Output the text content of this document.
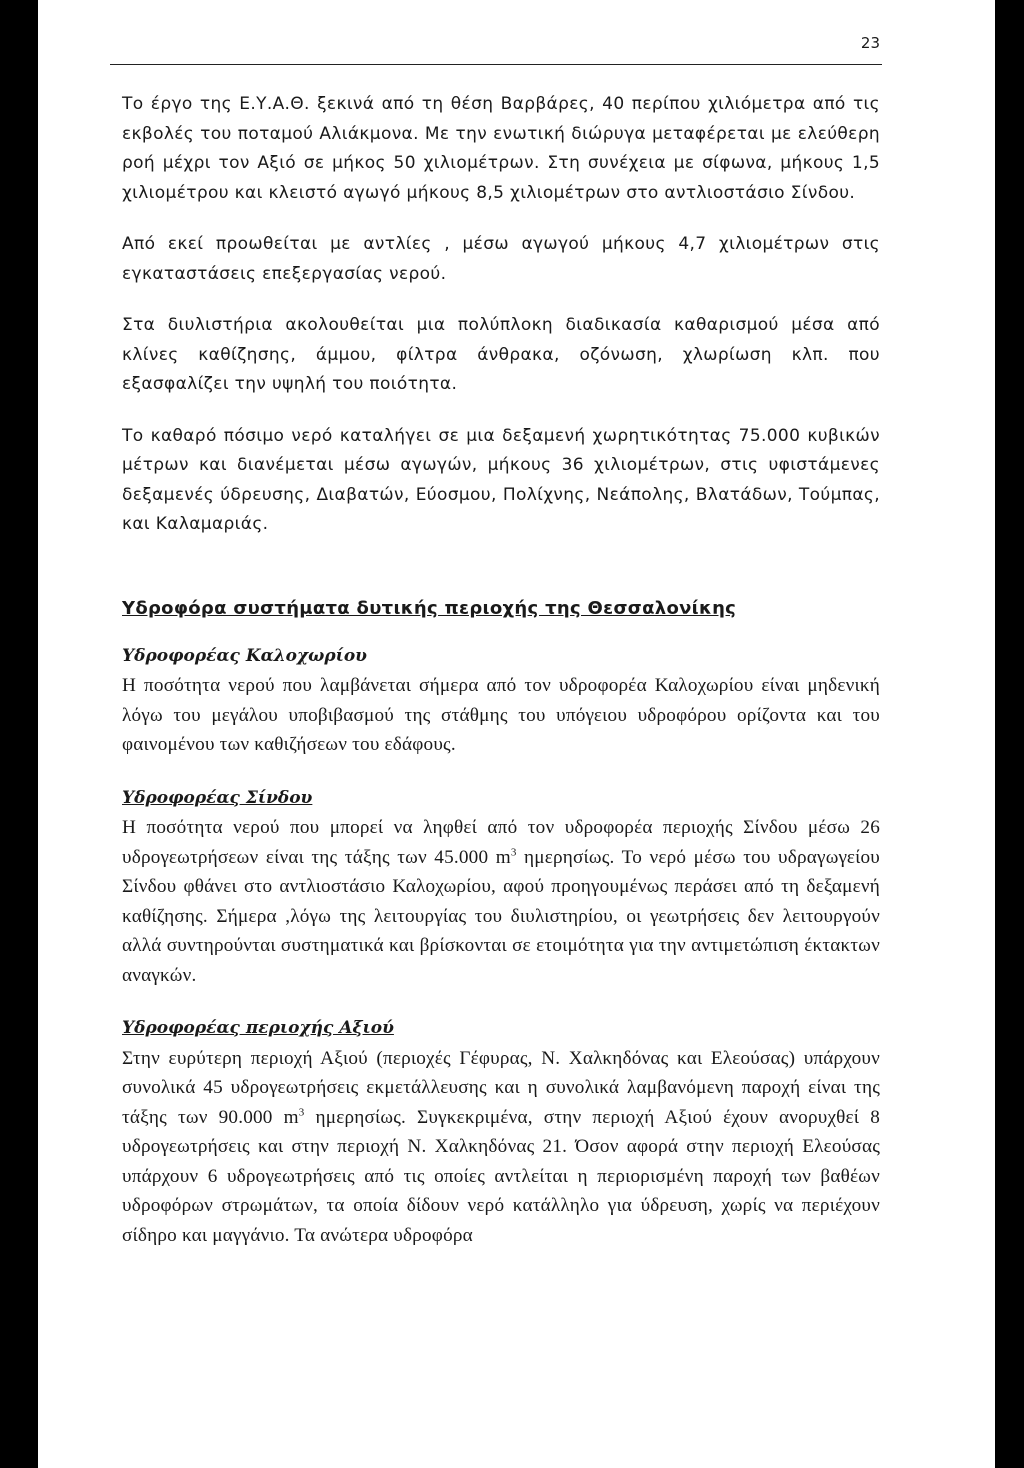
23

Το έργο της Ε.Υ.Α.Θ. ξεκινά από τη θέση Βαρβάρες, 40 περίπου χιλιόμετρα από τις εκβολές του ποταμού Αλιάκμονα. Με την ενωτική διώρυγα μεταφέρεται με ελεύθερη ροή μέχρι τον Αξιό σε μήκος 50 χιλιομέτρων. Στη συνέχεια με σίφωνα, μήκους 1,5 χιλιομέτρου και κλειστό αγωγό μήκους 8,5 χιλιομέτρων στο αντλιοστάσιο Σίνδου.

Από εκεί προωθείται με αντλίες , μέσω αγωγού μήκους 4,7 χιλιομέτρων στις εγκαταστάσεις επεξεργασίας νερού.

Στα διυλιστήρια ακολουθείται μια πολύπλοκη διαδικασία καθαρισμού μέσα από κλίνες καθίζησης, άμμου, φίλτρα άνθρακα, οζόνωση, χλωρίωση κλπ. που εξασφαλίζει την υψηλή του ποιότητα.

Το καθαρό πόσιμο νερό καταλήγει σε μια δεξαμενή χωρητικότητας 75.000 κυβικών μέτρων και διανέμεται μέσω αγωγών, μήκους 36 χιλιομέτρων, στις υφιστάμενες δεξαμενές ύδρευσης, Διαβατών, Εύοσμου, Πολίχνης, Νεάπολης, Βλατάδων, Τούμπας, και Καλαμαριάς.

Υδροφόρα συστήματα δυτικής περιοχής της Θεσσαλονίκης
Υδροφορέας Καλοχωρίου

Η ποσότητα νερού που λαμβάνεται σήμερα από τον υδροφορέα Καλοχωρίου είναι μηδενική λόγω του μεγάλου υποβιβασμού της στάθμης του υπόγειου υδροφόρου ορίζοντα και του φαινομένου των καθιζήσεων του εδάφους.

Υδροφορέας Σίνδου

Η ποσότητα νερού που μπορεί να ληφθεί από τον υδροφορέα περιοχής Σίνδου μέσω 26 υδρογεωτρήσεων είναι της τάξης των 45.000 $m^3$ ημερησίως. Το νερό μέσω του υδραγωγείου Σίνδου φθάνει στο αντλιοστάσιο Καλοχωρίου, αφού προηγουμένως περάσει από τη δεξαμενή καθίζησης. Σήμερα ,λόγω της λειτουργίας του διυλιστηρίου, οι γεωτρήσεις δεν λειτουργούν αλλά συντηρούνται συστηματικά και βρίσκονται σε ετοιμότητα για την αντιμετώπιση έκτακτων αναγκών.

Υδροφορέας περιοχής Αξιού

Στην ευρύτερη περιοχή Αξιού (περιοχές Γέφυρας, Ν. Χαλκηδόνας και Ελεούσας) υπάρχουν συνολικά 45 υδρογεωτρήσεις εκμετάλλευσης και η συνολικά λαμβανόμενη παροχή είναι της τάξης των 90.000 $m^3$ ημερησίως. Συγκεκριμένα, στην περιοχή Αξιού έχουν ανορυχθεί 8 υδρογεωτρήσεις και στην περιοχή Ν. Χαλκηδόνας 21. Όσον αφορά στην περιοχή Ελεούσας υπάρχουν 6 υδρογεωτρήσεις από τις οποίες αντλείται η περιορισμένη παροχή των βαθέων υδροφόρων στρωμάτων, τα οποία δίδουν νερό κατάλληλο για ύδρευση, χωρίς να περιέχουν σίδηρο και μαγγάνιο. Τα ανώτερα υδροφόρα
